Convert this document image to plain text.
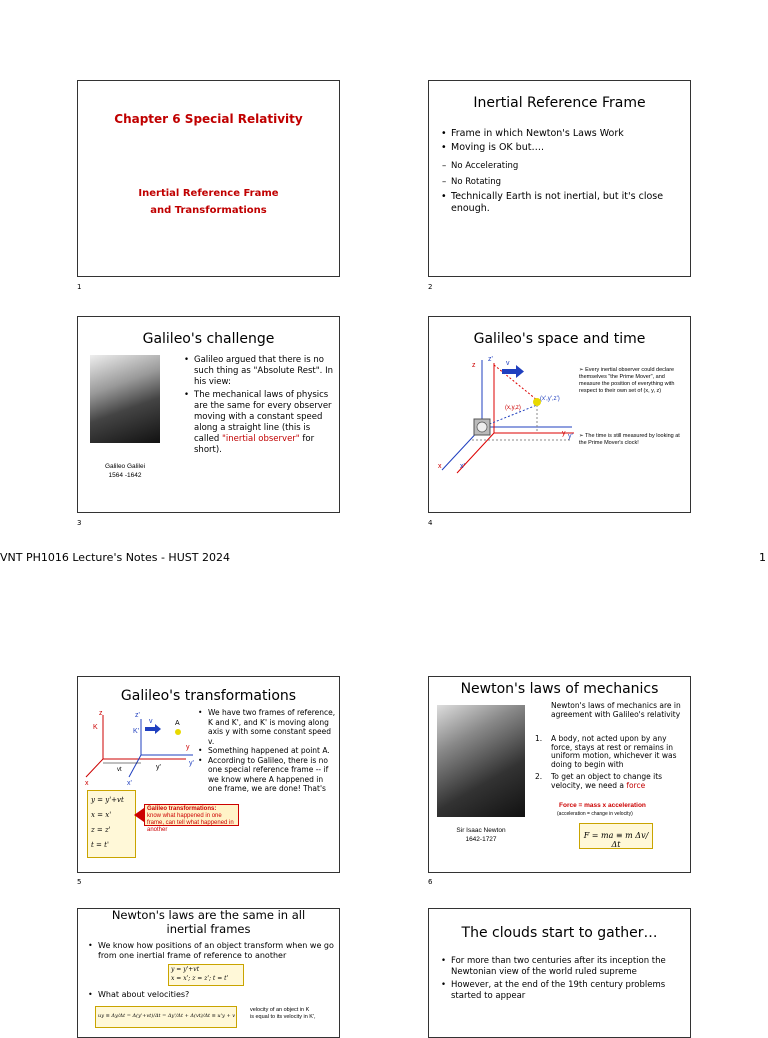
Chapter 6 Special Relativity
Inertial Reference Frame
and Transformations
1
Inertial Reference Frame
• Frame in which Newton's Laws Work
• Moving is OK but….
– No Accelerating
– No Rotating
• Technically Earth is not inertial, but it's close enough.
2
Galileo's challenge
Galileo Galilei
1564 -1642
• Galileo argued that there is no such thing as "Absolute Rest". In his view:
• The mechanical laws of physics are the same for every observer moving with a constant speed along a straight line (this is called "inertial observer" for short).
3
Galileo's space and time
z
z'
v
(x',y',z')
(x,y,z)
y y'
x	x'
➢ Every inertial observer could declare themselves "the Prime Mover", and measure the position of everything with respect to their own set of (x, y, z)
➢ The time is still measured by looking at the Prime Mover's clock!
4
VNT PH1016 Lecture's Notes - HUST 2024	1
Galileo's transformations
z
K
z'
K'
v	A
y
y'
vt	y'
x	x'
• We have two frames of reference, K and K', and K' is moving along axis y with some constant speed v.
• Something happened at point A.
• According to Galileo, there is no one special reference frame -- if we know where A happened in one frame, we are done! That's
y = y'+vt
x = x'
z = z'
t = t'
Galileo transformations:
know what happened in one frame, can tell what happened in another
5
Newton's laws of mechanics
Sir Isaac Newton
1642-1727
Newton's laws of mechanics are in agreement with Galileo's relativity
1.	A body, not acted upon by any force, stays at rest or remains in uniform motion, whichever it was doing to begin with
2.	To get an object to change its velocity, we need a force
Force = mass x acceleration
(acceleration = change in velocity)
F = ma ≡ m Δv/Δt
6
Newton's laws are the same in all
inertial frames
• We know how positions of an object transform when we go from one inertial frame of reference to another
y = y'+vt
x = x'; z = z'; t = t'
• What about velocities?
uy ≡ Δy/Δt = Δ(y'+vt)/Δt = Δy'/Δt + Δ(vt)/Δt ≡ u'y + v
velocity of an object in K
is equal to its velocity in K',
The clouds start to gather…
• For more than two centuries after its inception the Newtonian view of the world ruled supreme
• However, at the end of the 19th century problems started to appear
